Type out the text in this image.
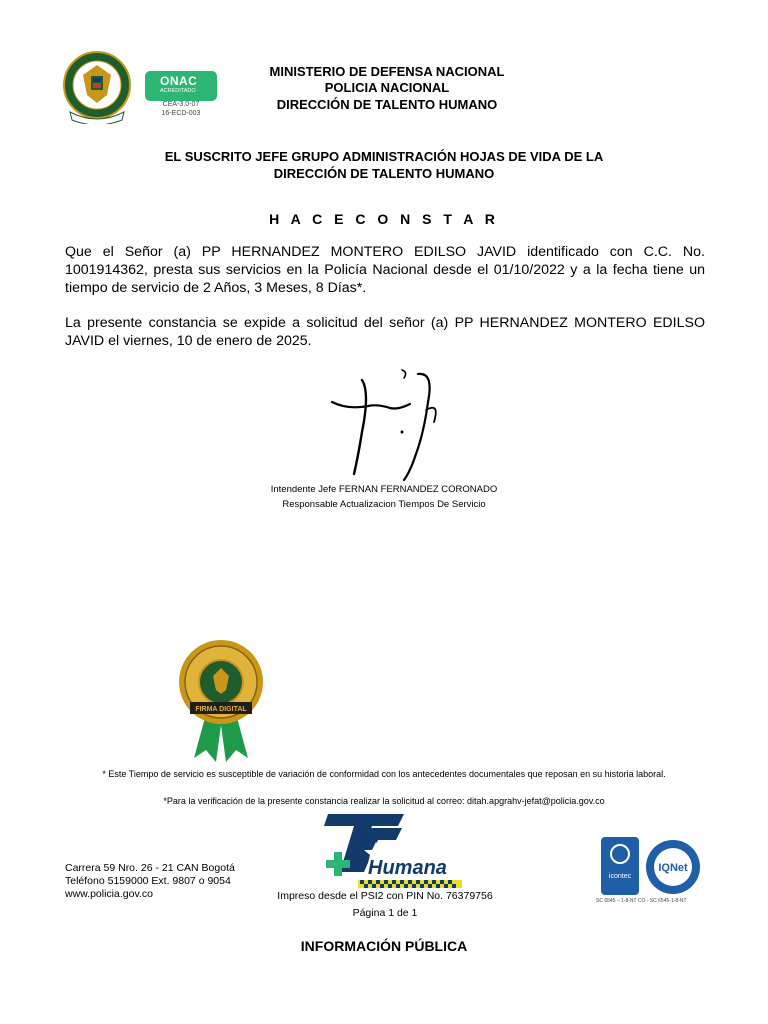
ONAC
ACREDITADO
CEA-3.0-07
16-ECD-003
MINISTERIO DE DEFENSA NACIONAL
POLICIA NACIONAL
DIRECCIÓN DE TALENTO HUMANO
EL SUSCRITO JEFE GRUPO ADMINISTRACIÓN HOJAS DE VIDA DE LA
DIRECCIÓN DE TALENTO HUMANO
H A C E C O N S T A R
Que el Señor (a) PP HERNANDEZ MONTERO EDILSO JAVID identificado con C.C. No. 1001914362, presta sus servicios en la Policía Nacional desde el 01/10/2022 y a la fecha tiene un tiempo de servicio de 2 Años, 3 Meses, 8 Días*.
La presente constancia se expide a solicitud del señor (a) PP HERNANDEZ MONTERO EDILSO JAVID el viernes, 10 de enero de 2025.
Intendente Jefe FERNAN FERNANDEZ CORONADO
Responsable Actualizacion Tiempos De Servicio
FIRMA DIGITAL
* Este Tiempo de servicio es susceptible de variación de conformidad con los antecedentes documentales que reposan en su historia laboral.
*Para la verificación de la presente constancia realizar la solicitud al correo: ditah.apgrahv-jefat@policia.gov.co
Carrera 59 Nro. 26 - 21 CAN Bogotá
Teléfono 5159000 Ext. 9807 o 9054
www.policia.gov.co
Humana
Impreso desde el PSI2 con PIN No. 76379756
Página 1 de 1
icontec
IQNet
SC 6545 – 1-8-NT CO - SC 6545-1-8-NT
INFORMACIÓN PÚBLICA
